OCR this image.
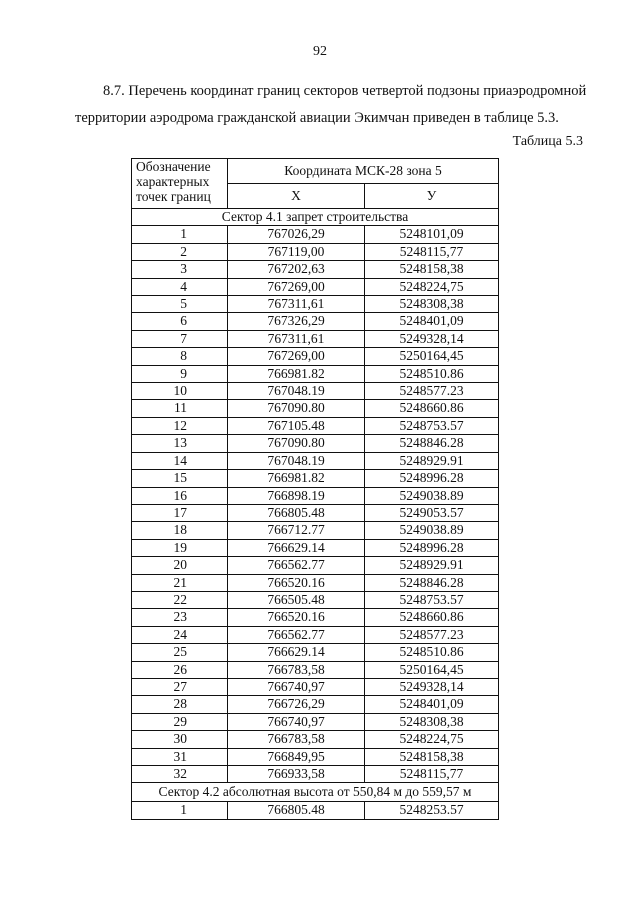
92
8.7. Перечень координат границ секторов четвертой подзоны приаэродромной
территории аэродрома гражданской авиации Экимчан приведен в таблице 5.3.
Таблица 5.3
Обозначение характерных точек границ	Координата МСК-28 зона 5	
	Х	У
Сектор 4.1 запрет строительства		
1	767026,29	5248101,09
2	767119,00	5248115,77
3	767202,63	5248158,38
4	767269,00	5248224,75
5	767311,61	5248308,38
6	767326,29	5248401,09
7	767311,61	5249328,14
8	767269,00	5250164,45
9	766981.82	5248510.86
10	767048.19	5248577.23
11	767090.80	5248660.86
12	767105.48	5248753.57
13	767090.80	5248846.28
14	767048.19	5248929.91
15	766981.82	5248996.28
16	766898.19	5249038.89
17	766805.48	5249053.57
18	766712.77	5249038.89
19	766629.14	5248996.28
20	766562.77	5248929.91
21	766520.16	5248846.28
22	766505.48	5248753.57
23	766520.16	5248660.86
24	766562.77	5248577.23
25	766629.14	5248510.86
26	766783,58	5250164,45
27	766740,97	5249328,14
28	766726,29	5248401,09
29	766740,97	5248308,38
30	766783,58	5248224,75
31	766849,95	5248158,38
32	766933,58	5248115,77
Сектор 4.2 абсолютная высота от 550,84 м до 559,57 м		
1	766805.48	5248253.57
